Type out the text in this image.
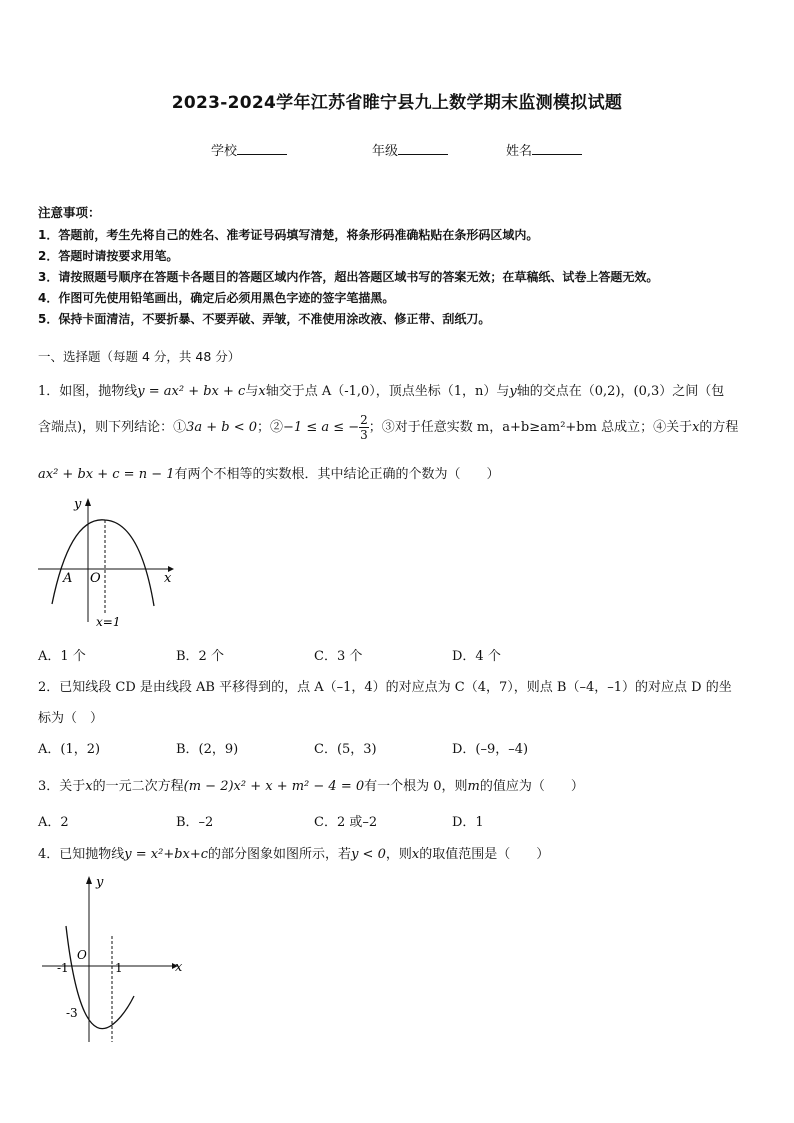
2023-2024学年江苏省睢宁县九上数学期末监测模拟试题
学校	年级	姓名
注意事项：
1．答题前，考生先将自己的姓名、准考证号码填写清楚，将条形码准确粘贴在条形码区域内。
2．答题时请按要求用笔。
3．请按照题号顺序在答题卡各题目的答题区域内作答，超出答题区域书写的答案无效；在草稿纸、试卷上答题无效。
4．作图可先使用铅笔画出，确定后必须用黑色字迹的签字笔描黑。
5．保持卡面清洁，不要折暴、不要弄破、弄皱，不准使用涂改液、修正带、刮纸刀。
一、选择题（每题 4 分，共 48 分）
1．如图，抛物线y = ax² + bx + c与x轴交于点 A（-1,0），顶点坐标（1，n）与y轴的交点在（0,2)，(0,3）之间（包
含端点)，则下列结论：①3a + b < 0；②−1 ≤ a ≤ − $\frac{2}{3}$ ；③对于任意实数 m，a+b≥am²+bm 总成立；④关于x的方程
ax² + bx + c = n − 1有两个不相等的实数根．其中结论正确的个数为（　　）
y
x
A O
x=1
A．1 个	B．2 个	C．3 个	D．4 个
2．已知线段 CD 是由线段 AB 平移得到的，点 A（–1，4）的对应点为 C（4，7），则点 B（–4，–1）的对应点 D 的坐
标为（　）
A．(1，2)	B．(2，9)	C．(5，3)	D．(–9，–4)
3．关于x的一元二次方程(m − 2)x² + x + m² − 4 = 0有一个根为 0，则m的值应为（　　）
A．2	B．–2	C．2 或–2	D．1
4．已知抛物线y = x²+bx+c的部分图象如图所示，若y < 0，则x的取值范围是（　　）
y
x
O
-1	1
-3
